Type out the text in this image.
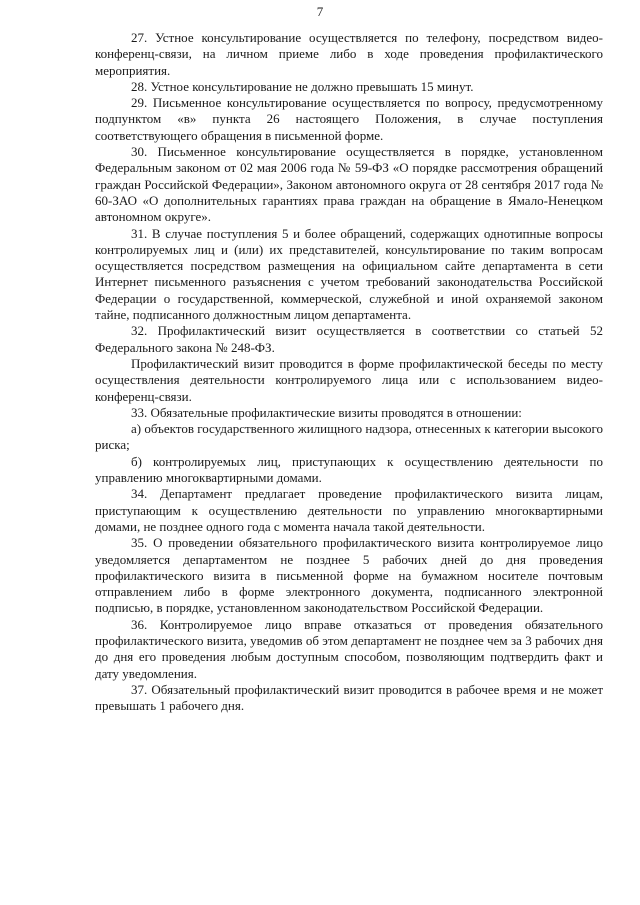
7

27. Устное консультирование осуществляется по телефону, посредством видео-конференц-связи, на личном приеме либо в ходе проведения профилактического мероприятия.

28. Устное консультирование не должно превышать 15 минут.

29. Письменное консультирование осуществляется по вопросу, предусмотренному подпунктом «в» пункта 26 настоящего Положения, в случае поступления соответствующего обращения в письменной форме.

30. Письменное консультирование осуществляется в порядке, установленном Федеральным законом от 02 мая 2006 года № 59-ФЗ «О порядке рассмотрения обращений граждан Российской Федерации», Законом автономного округа от 28 сентября 2017 года № 60-ЗАО «О дополнительных гарантиях права граждан на обращение в Ямало-Ненецком автономном округе».

31. В случае поступления 5 и более обращений, содержащих однотипные вопросы контролируемых лиц и (или) их представителей, консультирование по таким вопросам осуществляется посредством размещения на официальном сайте департамента в сети Интернет письменного разъяснения с учетом требований законодательства Российской Федерации о государственной, коммерческой, служебной и иной охраняемой законом тайне, подписанного должностным лицом департамента.

32. Профилактический визит осуществляется в соответствии со статьей 52 Федерального закона № 248-ФЗ.

Профилактический визит проводится в форме профилактической беседы по месту осуществления деятельности контролируемого лица или с использованием видео-конференц-связи.

33. Обязательные профилактические визиты проводятся в отношении:

а) объектов государственного жилищного надзора, отнесенных к категории высокого риска;

б) контролируемых лиц, приступающих к осуществлению деятельности по управлению многоквартирными домами.

34. Департамент предлагает проведение профилактического визита лицам, приступающим к осуществлению деятельности по управлению многоквартирными домами, не позднее одного года с момента начала такой деятельности.

35. О проведении обязательного профилактического визита контролируемое лицо уведомляется департаментом не позднее 5 рабочих дней до дня проведения профилактического визита в письменной форме на бумажном носителе почтовым отправлением либо в форме электронного документа, подписанного электронной подписью, в порядке, установленном законодательством Российской Федерации.

36. Контролируемое лицо вправе отказаться от проведения обязательного профилактического визита, уведомив об этом департамент не позднее чем за 3 рабочих дня до дня его проведения любым доступным способом, позволяющим подтвердить факт и дату уведомления.

37. Обязательный профилактический визит проводится в рабочее время и не может превышать 1 рабочего дня.
